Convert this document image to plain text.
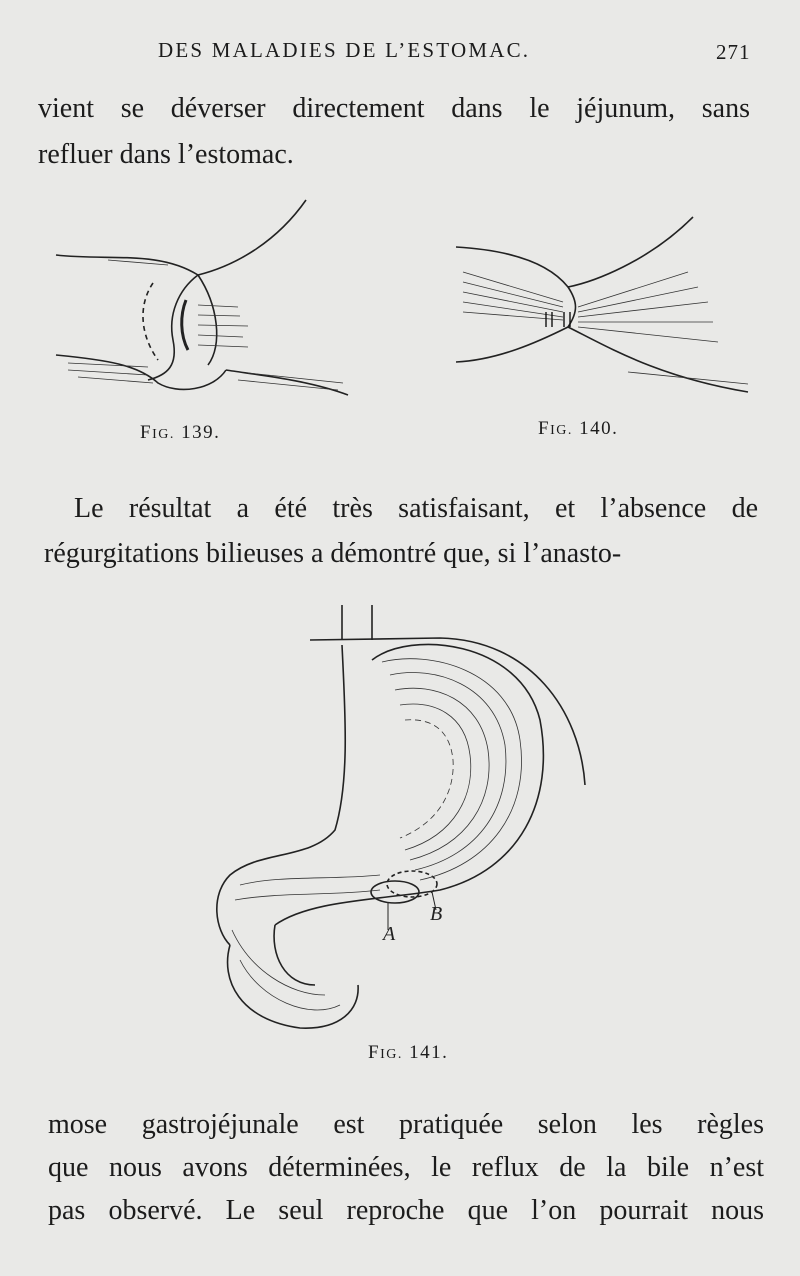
DES MALADIES DE L’ESTOMAC.	271
vient se déverser directement dans le jéjunum, sans
refluer dans l’estomac.
FIG. 139.	FIG. 140.
Le résultat a été très satisfaisant, et l’absence de
régurgitations bilieuses a démontré que, si l’anasto-
A
B
FIG. 141.
mose gastrojéjunale est pratiquée selon les règles
que nous avons déterminées, le reflux de la bile n’est
pas observé. Le seul reproche que l’on pourrait nous
